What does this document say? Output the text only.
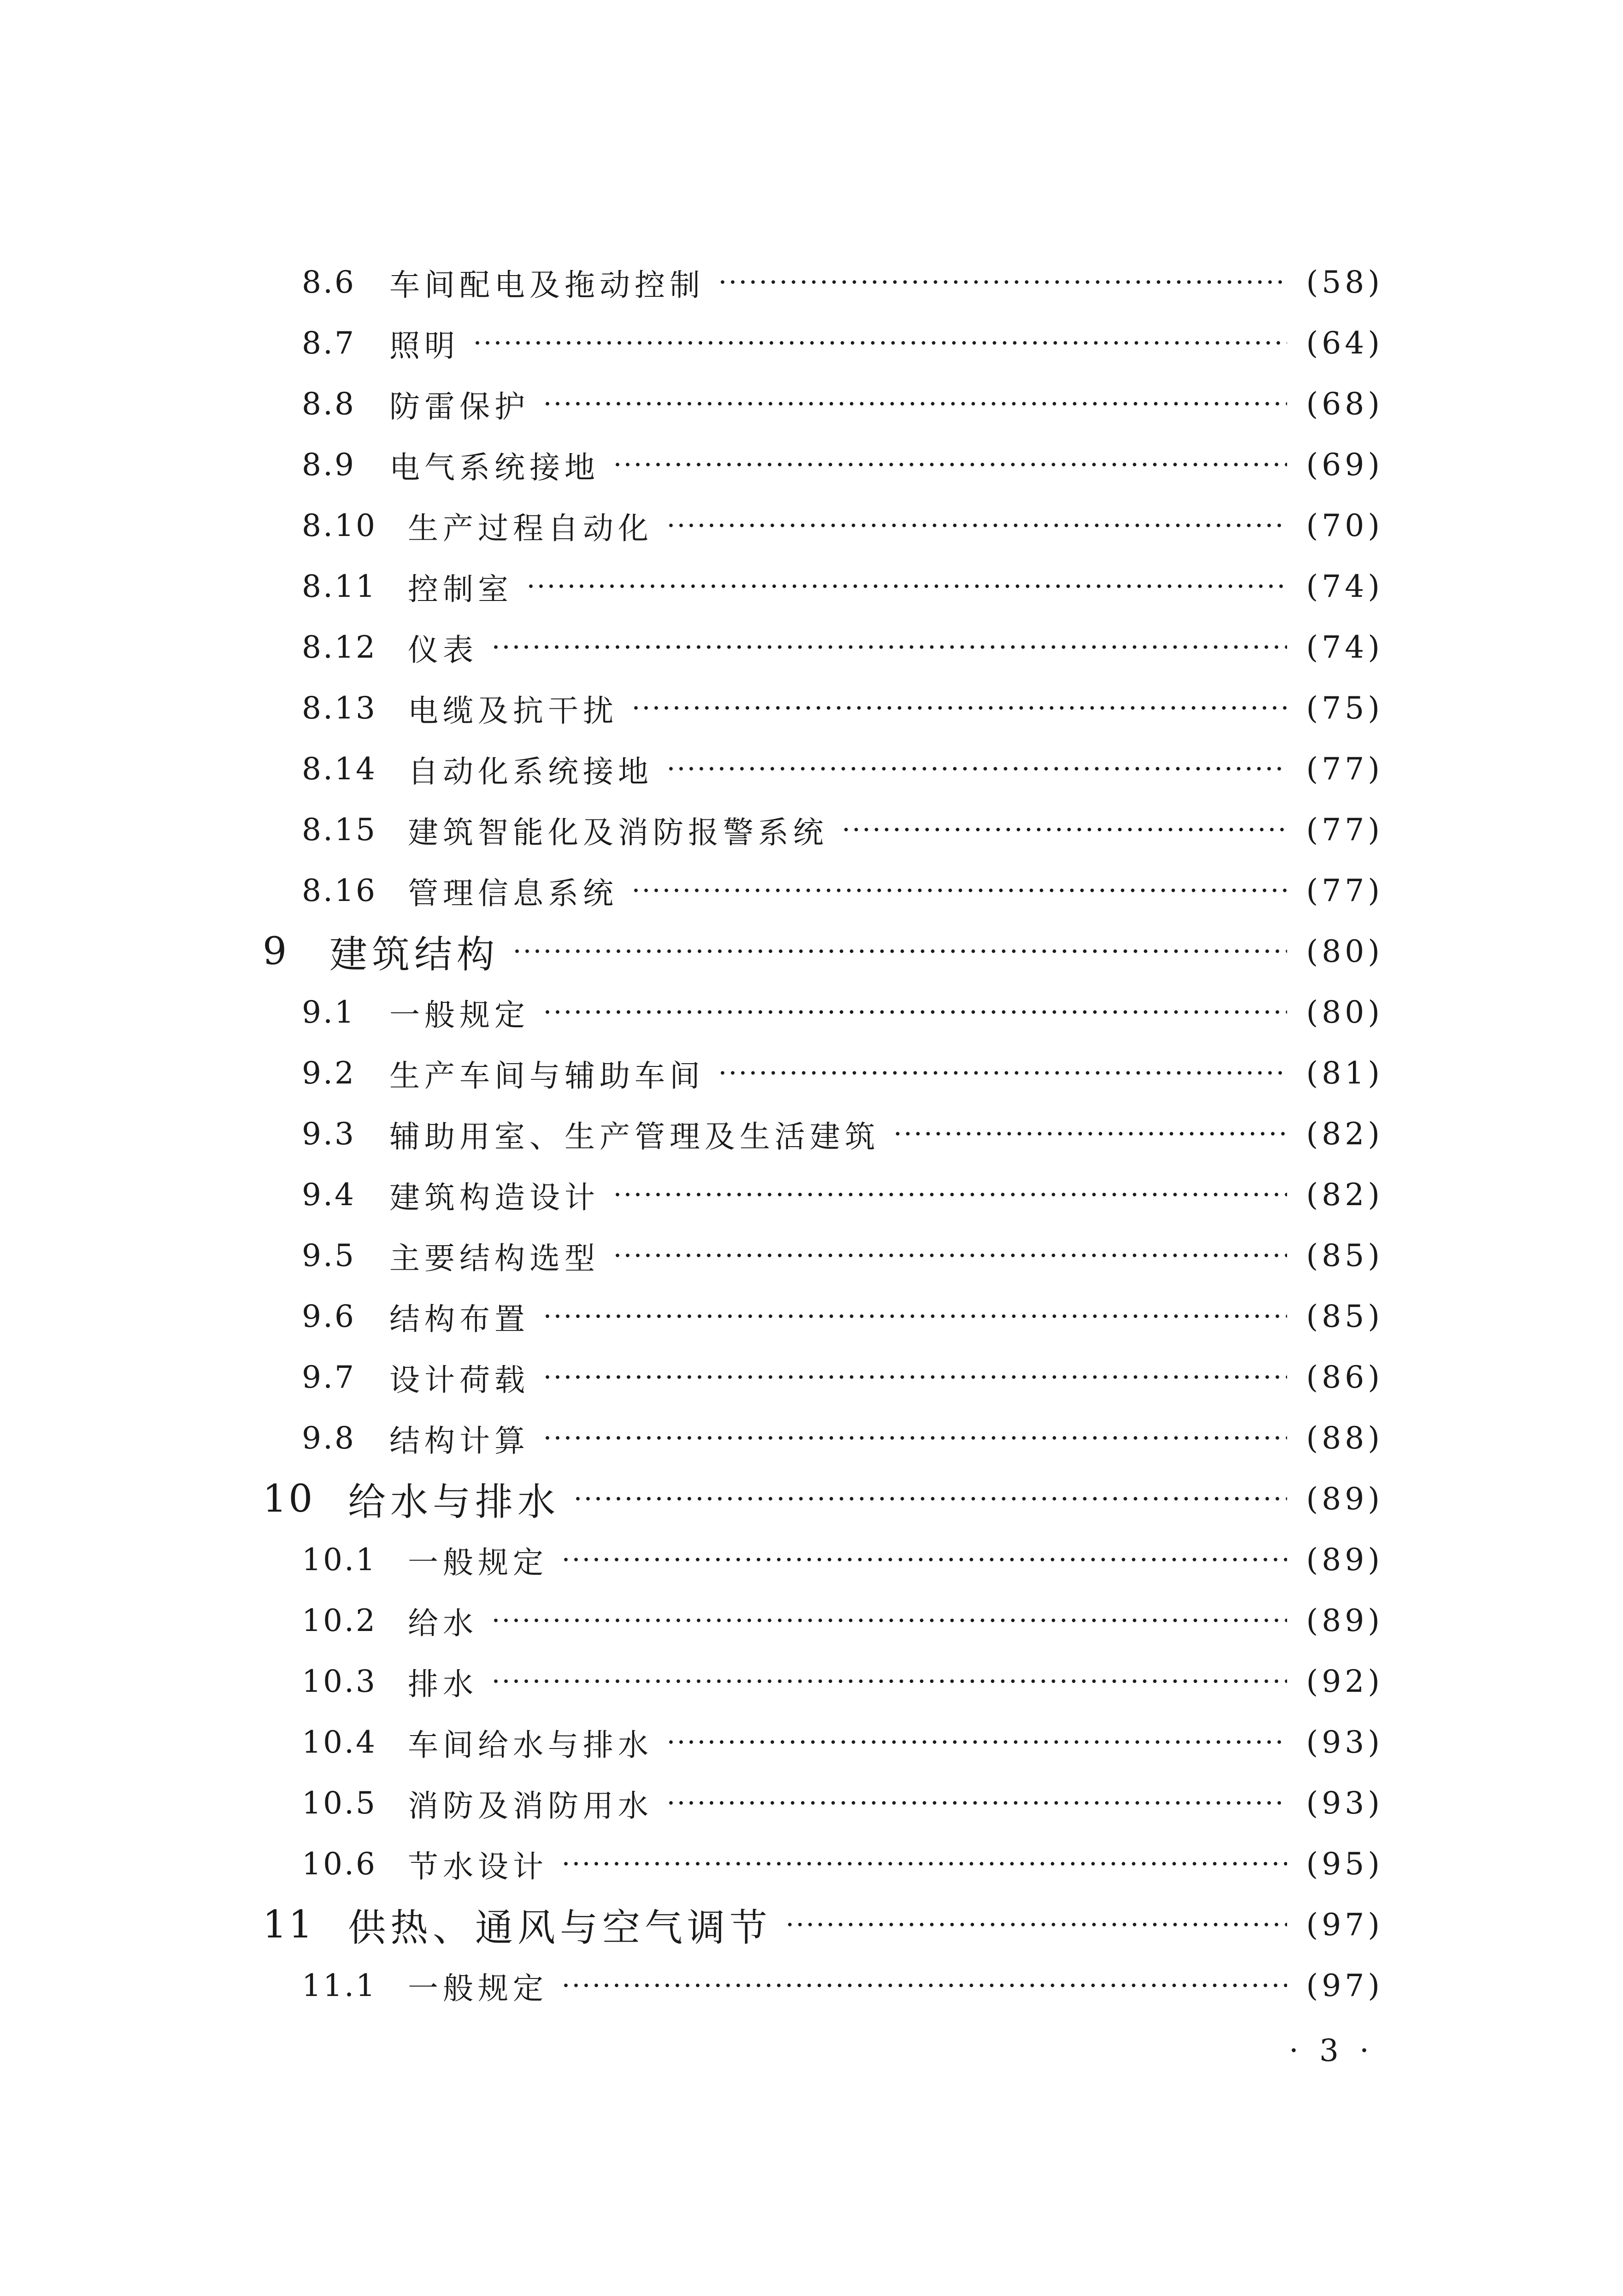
8.6	车间配电及拖动控制	(58)
8.7	照明	(64)
8.8	防雷保护	(68)
8.9	电气系统接地	(69)
8.10	生产过程自动化	(70)
8.11	控制室	(74)
8.12	仪表	(74)
8.13	电缆及抗干扰	(75)
8.14	自动化系统接地	(77)
8.15	建筑智能化及消防报警系统	(77)
8.16	管理信息系统	(77)
9	建筑结构	(80)
9.1	一般规定	(80)
9.2	生产车间与辅助车间	(81)
9.3	辅助用室、生产管理及生活建筑	(82)
9.4	建筑构造设计	(82)
9.5	主要结构选型	(85)
9.6	结构布置	(85)
9.7	设计荷载	(86)
9.8	结构计算	(88)
10 给水与排水	(89)
10.1	一般规定	(89)
10.2	给水	(89)
10.3	排水	(92)
10.4	车间给水与排水	(93)
10.5	消防及消防用水	(93)
10.6	节水设计	(95)
11 供热、通风与空气调节	(97)
11.1	一般规定	(97)
· 3 ·
